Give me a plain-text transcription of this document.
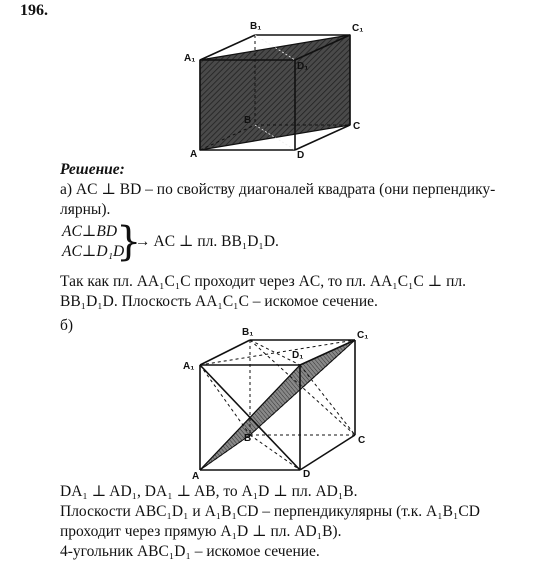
196.
B₁	C₁
A₁
D₁
A	D
B
C
Решение:
а) AC ⊥ BD – по свойству диагоналей квадрата (они перпендику-
лярны).
AC⊥BD
AC⊥D₁D
}
→ AC ⊥ пл. BB₁D₁D.
Так как пл. AA₁C₁C проходит через AC, то пл. AA₁C₁C ⊥ пл.
BB₁D₁D. Плоскость AA₁C₁C – искомое сечение.
б)	B₁	C₁
A₁
D₁
A	D
B	C
DA₁ ⊥ AD₁, DA₁ ⊥ AB, то A₁D ⊥ пл. AD₁B.
Плоскости ABC₁D₁ и A₁B₁CD – перпендикулярны (т.к. A₁B₁CD
проходит через прямую A₁D ⊥ пл. AD₁B).
4-угольник ABC₁D₁ – искомое сечение.
